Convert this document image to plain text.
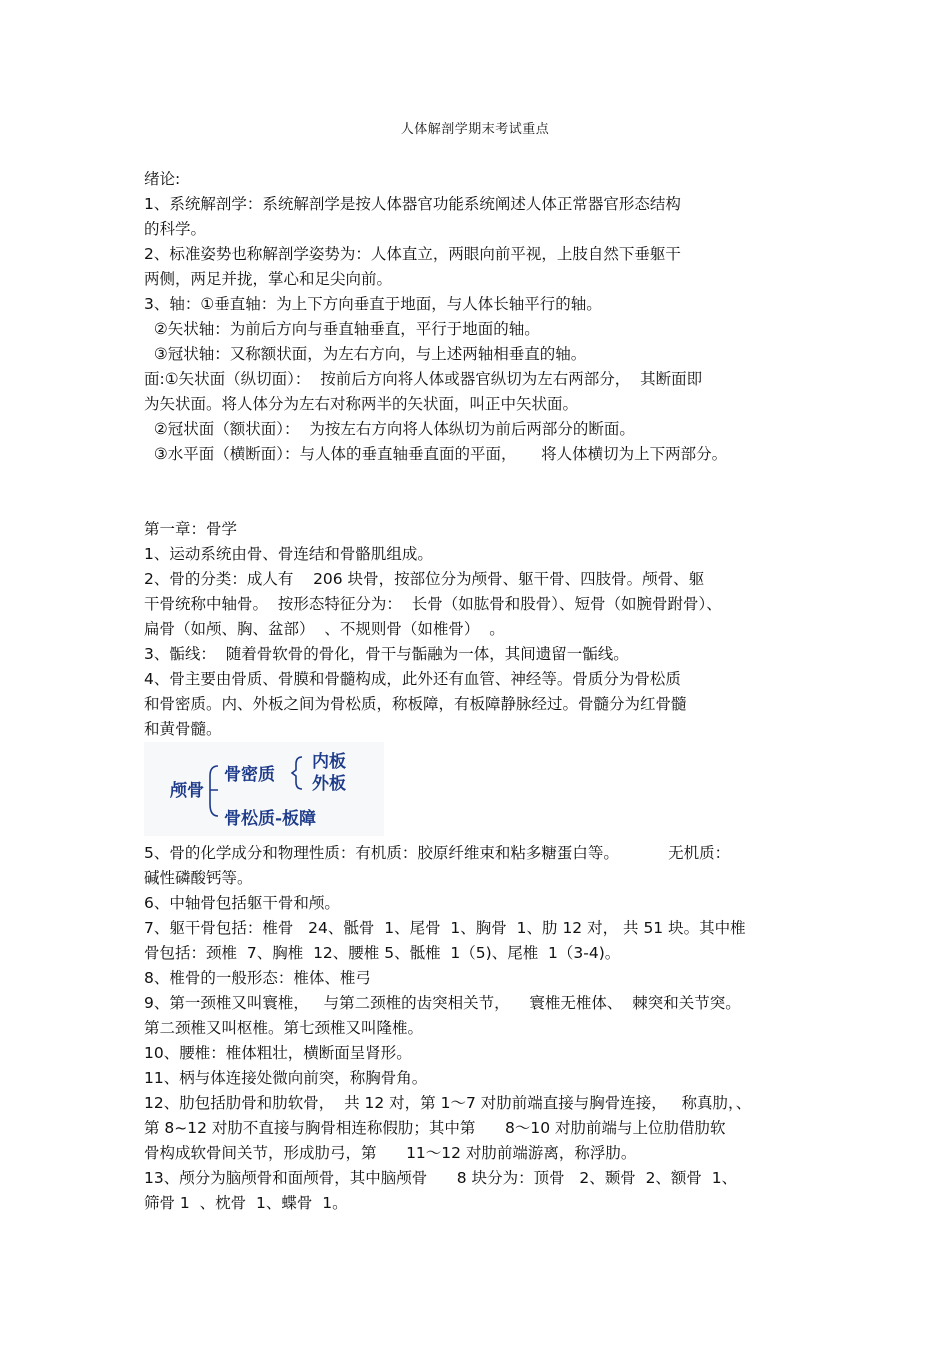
人体解剖学期末考试重点
绪论:
1、系统解剖学：系统解剖学是按人体器官功能系统阐述人体正常器官形态结构
的科学。
2、标准姿势也称解剖学姿势为：人体直立，两眼向前平视，上肢自然下垂躯干
两侧，两足并拢，掌心和足尖向前。
3、轴：①垂直轴：为上下方向垂直于地面，与人体长轴平行的轴。
②矢状轴：为前后方向与垂直轴垂直，平行于地面的轴。
③冠状轴：又称额状面，为左右方向，与上述两轴相垂直的轴。
面:①矢状面（纵切面）：  按前后方向将人体或器官纵切为左右两部分，  其断面即
为矢状面。将人体分为左右对称两半的矢状面，叫正中矢状面。
②冠状面（额状面）：  为按左右方向将人体纵切为前后两部分的断面。
③水平面（横断面）：与人体的垂直轴垂直面的平面，     将人体横切为上下两部分。
第一章：骨学
1、运动系统由骨、骨连结和骨骼肌组成。
2、骨的分类：成人有    206 块骨，按部位分为颅骨、躯干骨、四肢骨。颅骨、躯
干骨统称中轴骨。  按形态特征分为：  长骨（如肱骨和股骨）、短骨（如腕骨跗骨）、
扁骨（如颅、胸、盆部）  、不规则骨（如椎骨）  。
3、骺线：  随着骨软骨的骨化，骨干与骺融为一体，其间遗留一骺线。
4、骨主要由骨质、骨膜和骨髓构成，此外还有血管、神经等。骨质分为骨松质
和骨密质。内、外板之间为骨松质，称板障，有板障静脉经过。骨髓分为红骨髓
和黄骨髓。
颅骨
骨密质
内板
外板
骨松质-板障
5、骨的化学成分和物理性质：有机质：胶原纤维束和粘多糖蛋白等。          无机质：
碱性磷酸钙等。
6、中轴骨包括躯干骨和颅。
7、躯干骨包括：椎骨   24、骶骨  1、尾骨  1、胸骨  1、肋 12 对， 共 51 块。其中椎
骨包括：颈椎  7、胸椎  12、腰椎 5、骶椎  1（5)、尾椎  1（3-4)。
8、椎骨的一般形态：椎体、椎弓
9、第一颈椎又叫寰椎，   与第二颈椎的齿突相关节，    寰椎无椎体、  棘突和关节突。
第二颈椎又叫枢椎。第七颈椎又叫隆椎。
10、腰椎：椎体粗壮，横断面呈肾形。
11、柄与体连接处微向前突，称胸骨角。
12、肋包括肋骨和肋软骨，  共 12 对，第 1～7 对肋前端直接与胸骨连接，   称真肋，、
第 8~12 对肋不直接与胸骨相连称假肋；其中第      8～10 对肋前端与上位肋借肋软
骨构成软骨间关节，形成肋弓，第      11～12 对肋前端游离，称浮肋。
13、颅分为脑颅骨和面颅骨，其中脑颅骨      8 块分为：顶骨   2、颞骨  2、额骨  1、
筛骨 1  、枕骨  1、蝶骨  1。
